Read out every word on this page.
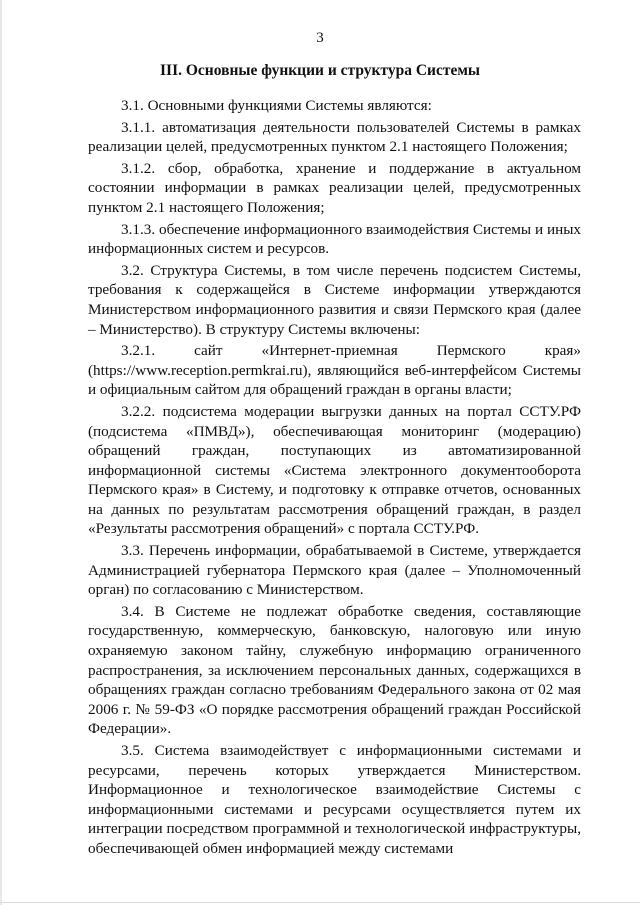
3
III. Основные функции и структура Системы

3.1. Основными функциями Системы являются:

3.1.1. автоматизация деятельности пользователей Системы в рамках реализации целей, предусмотренных пунктом 2.1 настоящего Положения;

3.1.2. сбор, обработка, хранение и поддержание в актуальном состоянии информации в рамках реализации целей, предусмотренных пунктом 2.1 настоящего Положения;

3.1.3. обеспечение информационного взаимодействия Системы и иных информационных систем и ресурсов.

3.2. Структура Системы, в том числе перечень подсистем Системы, требования к содержащейся в Системе информации утверждаются Министерством информационного развития и связи Пермского края (далее – Министерство). В структуру Системы включены:

3.2.1. сайт «Интернет-приемная Пермского края» (https://www.reception.permkrai.ru), являющийся веб-интерфейсом Системы и официальным сайтом для обращений граждан в органы власти;

3.2.2. подсистема модерации выгрузки данных на портал ССТУ.РФ (подсистема «ПМВД»), обеспечивающая мониторинг (модерацию) обращений граждан, поступающих из автоматизированной информационной системы «Система электронного документооборота Пермского края» в Систему, и подготовку к отправке отчетов, основанных на данных по результатам рассмотрения обращений граждан, в раздел «Результаты рассмотрения обращений» с портала ССТУ.РФ.

3.3. Перечень информации, обрабатываемой в Системе, утверждается Администрацией губернатора Пермского края (далее – Уполномоченный орган) по согласованию с Министерством.

3.4. В Системе не подлежат обработке сведения, составляющие государственную, коммерческую, банковскую, налоговую или иную охраняемую законом тайну, служебную информацию ограниченного распространения, за исключением персональных данных, содержащихся в обращениях граждан согласно требованиям Федерального закона от 02 мая 2006 г. № 59-ФЗ «О порядке рассмотрения обращений граждан Российской Федерации».

3.5. Система взаимодействует с информационными системами и ресурсами, перечень которых утверждается Министерством. Информационное и технологическое взаимодействие Системы с информационными системами и ресурсами осуществляется путем их интеграции посредством программной и технологической инфраструктуры, обеспечивающей обмен информацией между системами
